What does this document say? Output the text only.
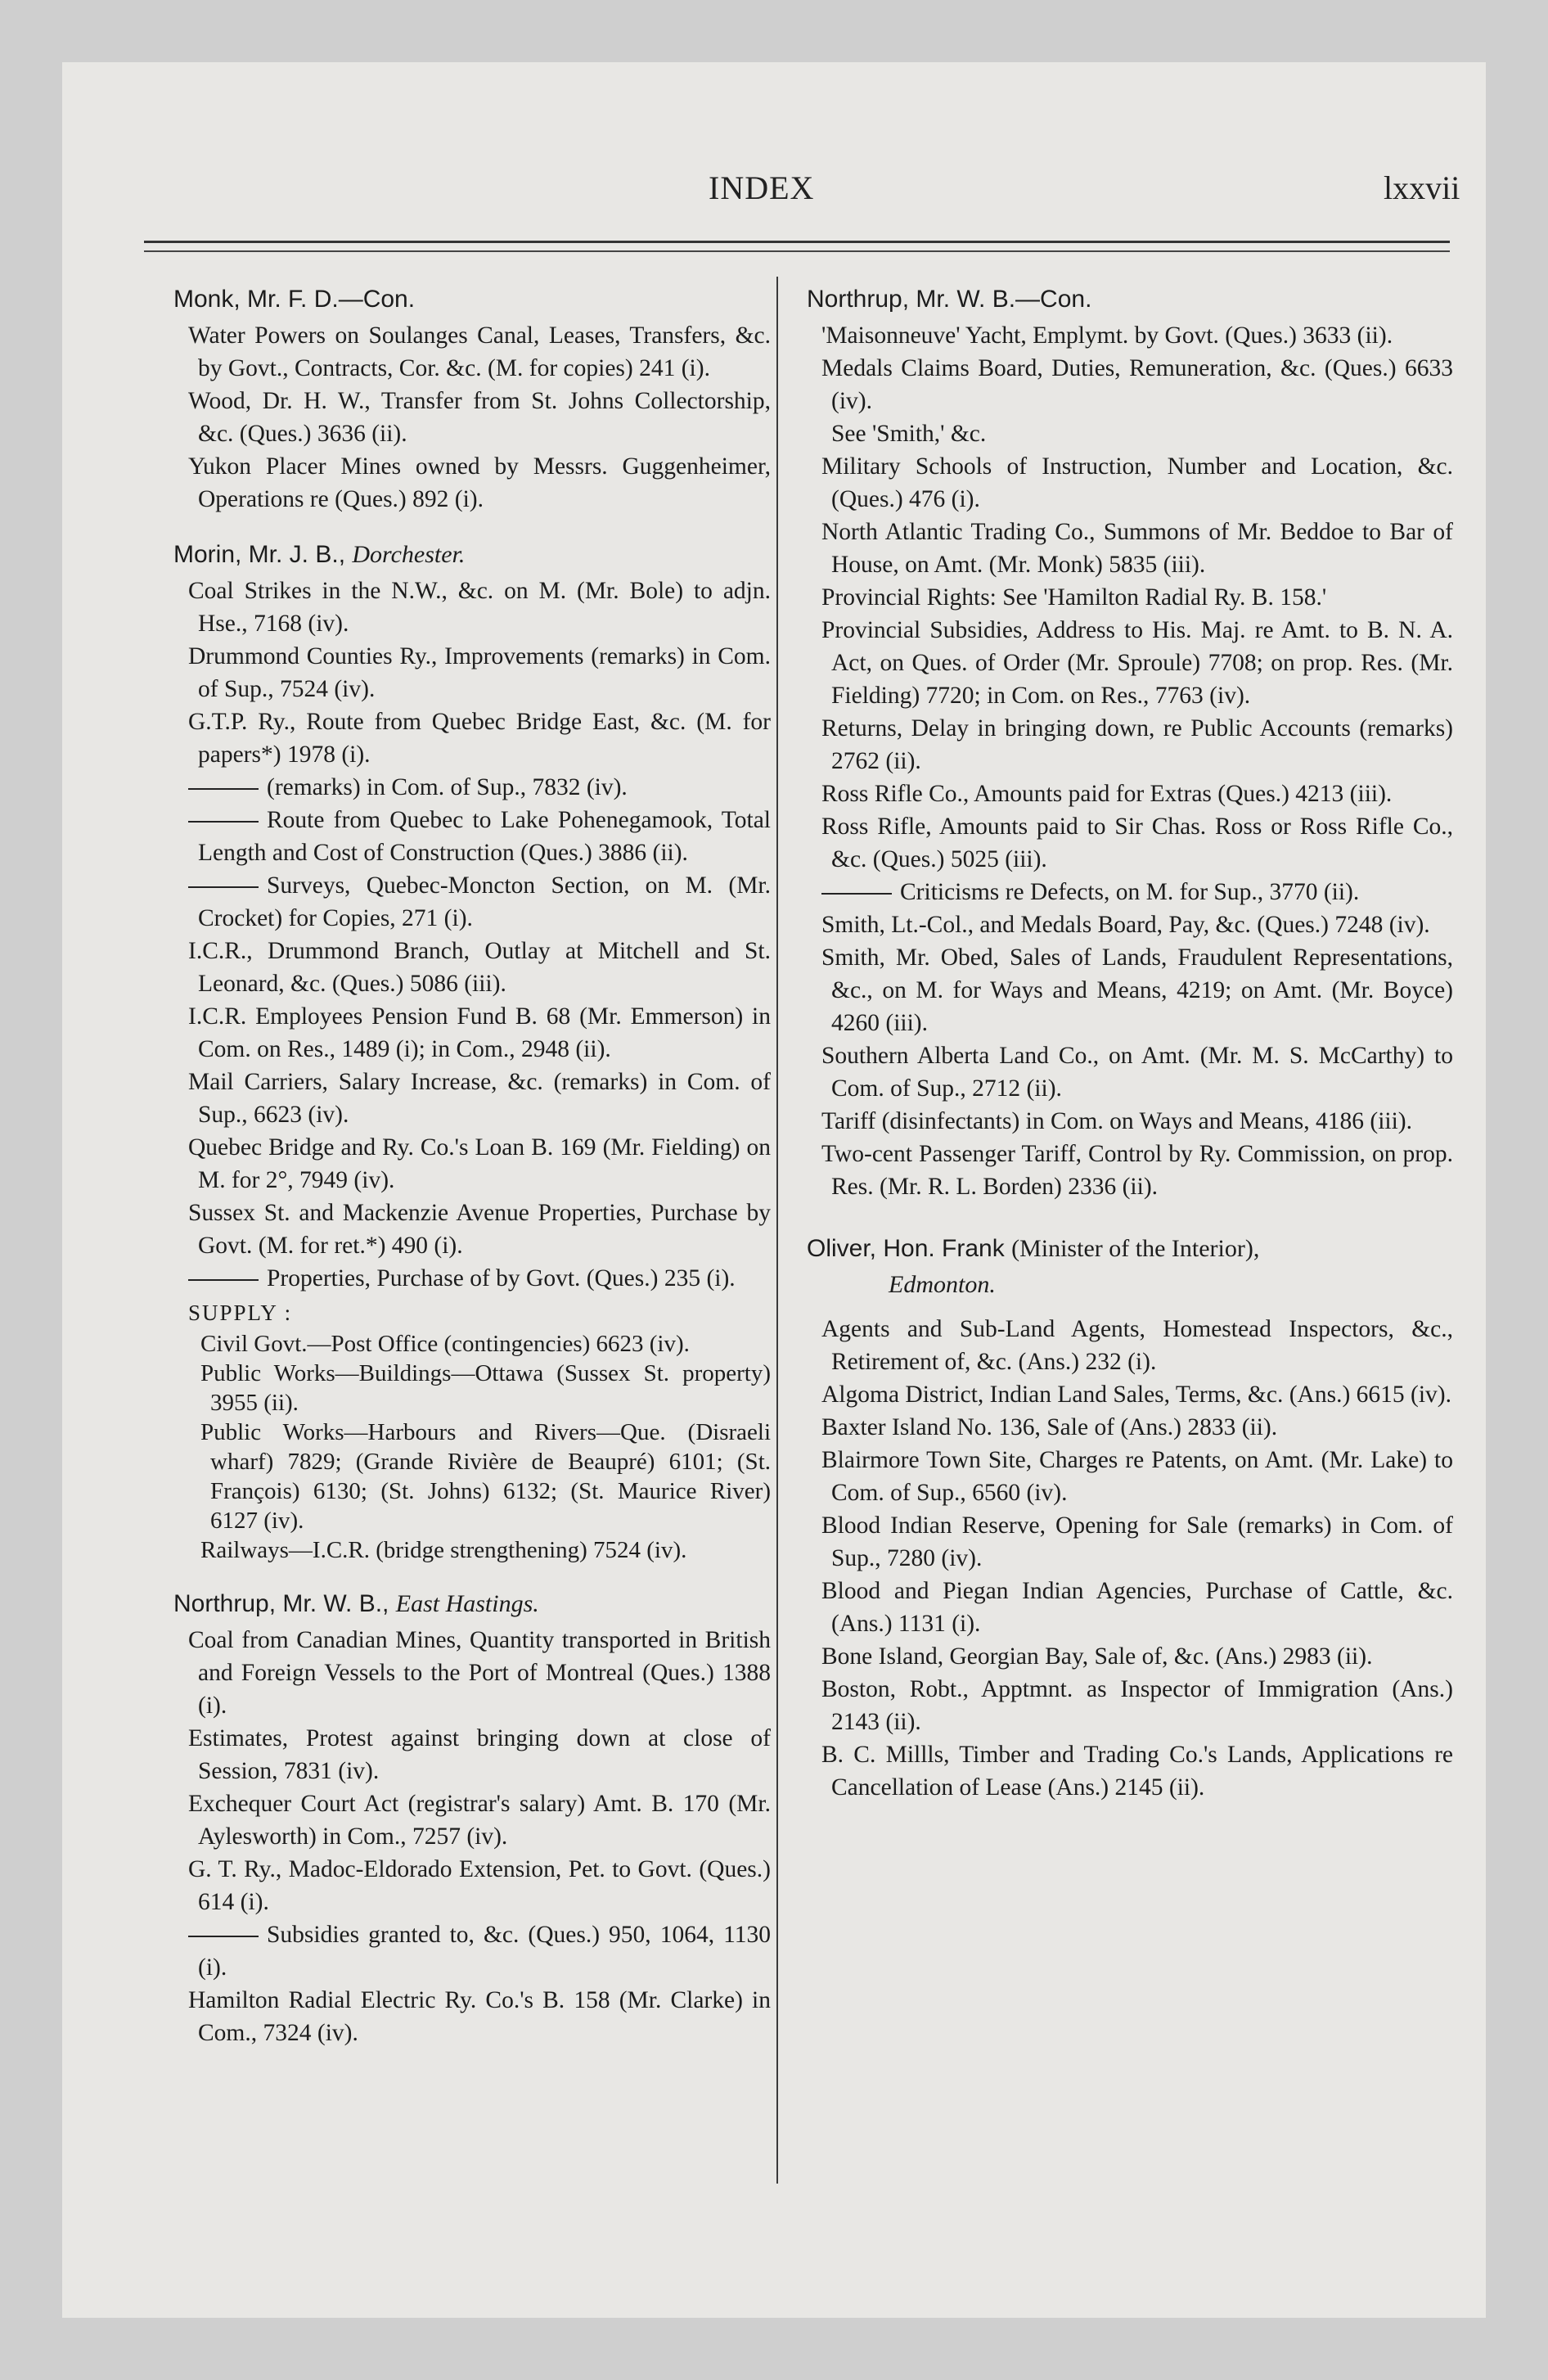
INDEX	lxxvii
Monk, Mr. F. D.—Con.

Water Powers on Soulanges Canal, Leases, Transfers, &c. by Govt., Contracts, Cor. &c. (M. for copies) 241 (i).

Wood, Dr. H. W., Transfer from St. Johns Collectorship, &c. (Ques.) 3636 (ii).

Yukon Placer Mines owned by Messrs. Guggenheimer, Operations re (Ques.) 892 (i).

Morin, Mr. J. B., Dorchester.

Coal Strikes in the N.W., &c. on M. (Mr. Bole) to adjn. Hse., 7168 (iv).

Drummond Counties Ry., Improvements (remarks) in Com. of Sup., 7524 (iv).

G.T.P. Ry., Route from Quebec Bridge East, &c. (M. for papers*) 1978 (i).

(remarks) in Com. of Sup., 7832 (iv).

Route from Quebec to Lake Pohenegamook, Total Length and Cost of Construction (Ques.) 3886 (ii).

Surveys, Quebec-Moncton Section, on M. (Mr. Crocket) for Copies, 271 (i).

I.C.R., Drummond Branch, Outlay at Mitchell and St. Leonard, &c. (Ques.) 5086 (iii).

I.C.R. Employees Pension Fund B. 68 (Mr. Emmerson) in Com. on Res., 1489 (i); in Com., 2948 (ii).

Mail Carriers, Salary Increase, &c. (remarks) in Com. of Sup., 6623 (iv).

Quebec Bridge and Ry. Co.'s Loan B. 169 (Mr. Fielding) on M. for 2°, 7949 (iv).

Sussex St. and Mackenzie Avenue Properties, Purchase by Govt. (M. for ret.*) 490 (i).

Properties, Purchase of by Govt. (Ques.) 235 (i).

SUPPLY :

Civil Govt.—Post Office (contingencies) 6623 (iv).

Public Works—Buildings—Ottawa (Sussex St. property) 3955 (ii).

Public Works—Harbours and Rivers—Que. (Disraeli wharf) 7829; (Grande Rivière de Beaupré) 6101; (St. François) 6130; (St. Johns) 6132; (St. Maurice River) 6127 (iv).

Railways—I.C.R. (bridge strengthening) 7524 (iv).

Northrup, Mr. W. B., East Hastings.

Coal from Canadian Mines, Quantity transported in British and Foreign Vessels to the Port of Montreal (Ques.) 1388 (i).

Estimates, Protest against bringing down at close of Session, 7831 (iv).

Exchequer Court Act (registrar's salary) Amt. B. 170 (Mr. Aylesworth) in Com., 7257 (iv).

G. T. Ry., Madoc-Eldorado Extension, Pet. to Govt. (Ques.) 614 (i).

Subsidies granted to, &c. (Ques.) 950, 1064, 1130 (i).

Hamilton Radial Electric Ry. Co.'s B. 158 (Mr. Clarke) in Com., 7324 (iv).

Northrup, Mr. W. B.—Con.

'Maisonneuve' Yacht, Emplymt. by Govt. (Ques.) 3633 (ii).

Medals Claims Board, Duties, Remuneration, &c. (Ques.) 6633 (iv).

See 'Smith,' &c.

Military Schools of Instruction, Number and Location, &c. (Ques.) 476 (i).

North Atlantic Trading Co., Summons of Mr. Beddoe to Bar of House, on Amt. (Mr. Monk) 5835 (iii).

Provincial Rights: See 'Hamilton Radial Ry. B. 158.'

Provincial Subsidies, Address to His. Maj. re Amt. to B. N. A. Act, on Ques. of Order (Mr. Sproule) 7708; on prop. Res. (Mr. Fielding) 7720; in Com. on Res., 7763 (iv).

Returns, Delay in bringing down, re Public Accounts (remarks) 2762 (ii).

Ross Rifle Co., Amounts paid for Extras (Ques.) 4213 (iii).

Ross Rifle, Amounts paid to Sir Chas. Ross or Ross Rifle Co., &c. (Ques.) 5025 (iii).

Criticisms re Defects, on M. for Sup., 3770 (ii).

Smith, Lt.-Col., and Medals Board, Pay, &c. (Ques.) 7248 (iv).

Smith, Mr. Obed, Sales of Lands, Fraudulent Representations, &c., on M. for Ways and Means, 4219; on Amt. (Mr. Boyce) 4260 (iii).

Southern Alberta Land Co., on Amt. (Mr. M. S. McCarthy) to Com. of Sup., 2712 (ii).

Tariff (disinfectants) in Com. on Ways and Means, 4186 (iii).

Two-cent Passenger Tariff, Control by Ry. Commission, on prop. Res. (Mr. R. L. Borden) 2336 (ii).

Oliver, Hon. Frank (Minister of the Interior),
Edmonton.

Agents and Sub-Land Agents, Homestead Inspectors, &c., Retirement of, &c. (Ans.) 232 (i).

Algoma District, Indian Land Sales, Terms, &c. (Ans.) 6615 (iv).

Baxter Island No. 136, Sale of (Ans.) 2833 (ii).

Blairmore Town Site, Charges re Patents, on Amt. (Mr. Lake) to Com. of Sup., 6560 (iv).

Blood Indian Reserve, Opening for Sale (remarks) in Com. of Sup., 7280 (iv).

Blood and Piegan Indian Agencies, Purchase of Cattle, &c. (Ans.) 1131 (i).

Bone Island, Georgian Bay, Sale of, &c. (Ans.) 2983 (ii).

Boston, Robt., Apptmnt. as Inspector of Immigration (Ans.) 2143 (ii).

B. C. Millls, Timber and Trading Co.'s Lands, Applications re Cancellation of Lease (Ans.) 2145 (ii).
